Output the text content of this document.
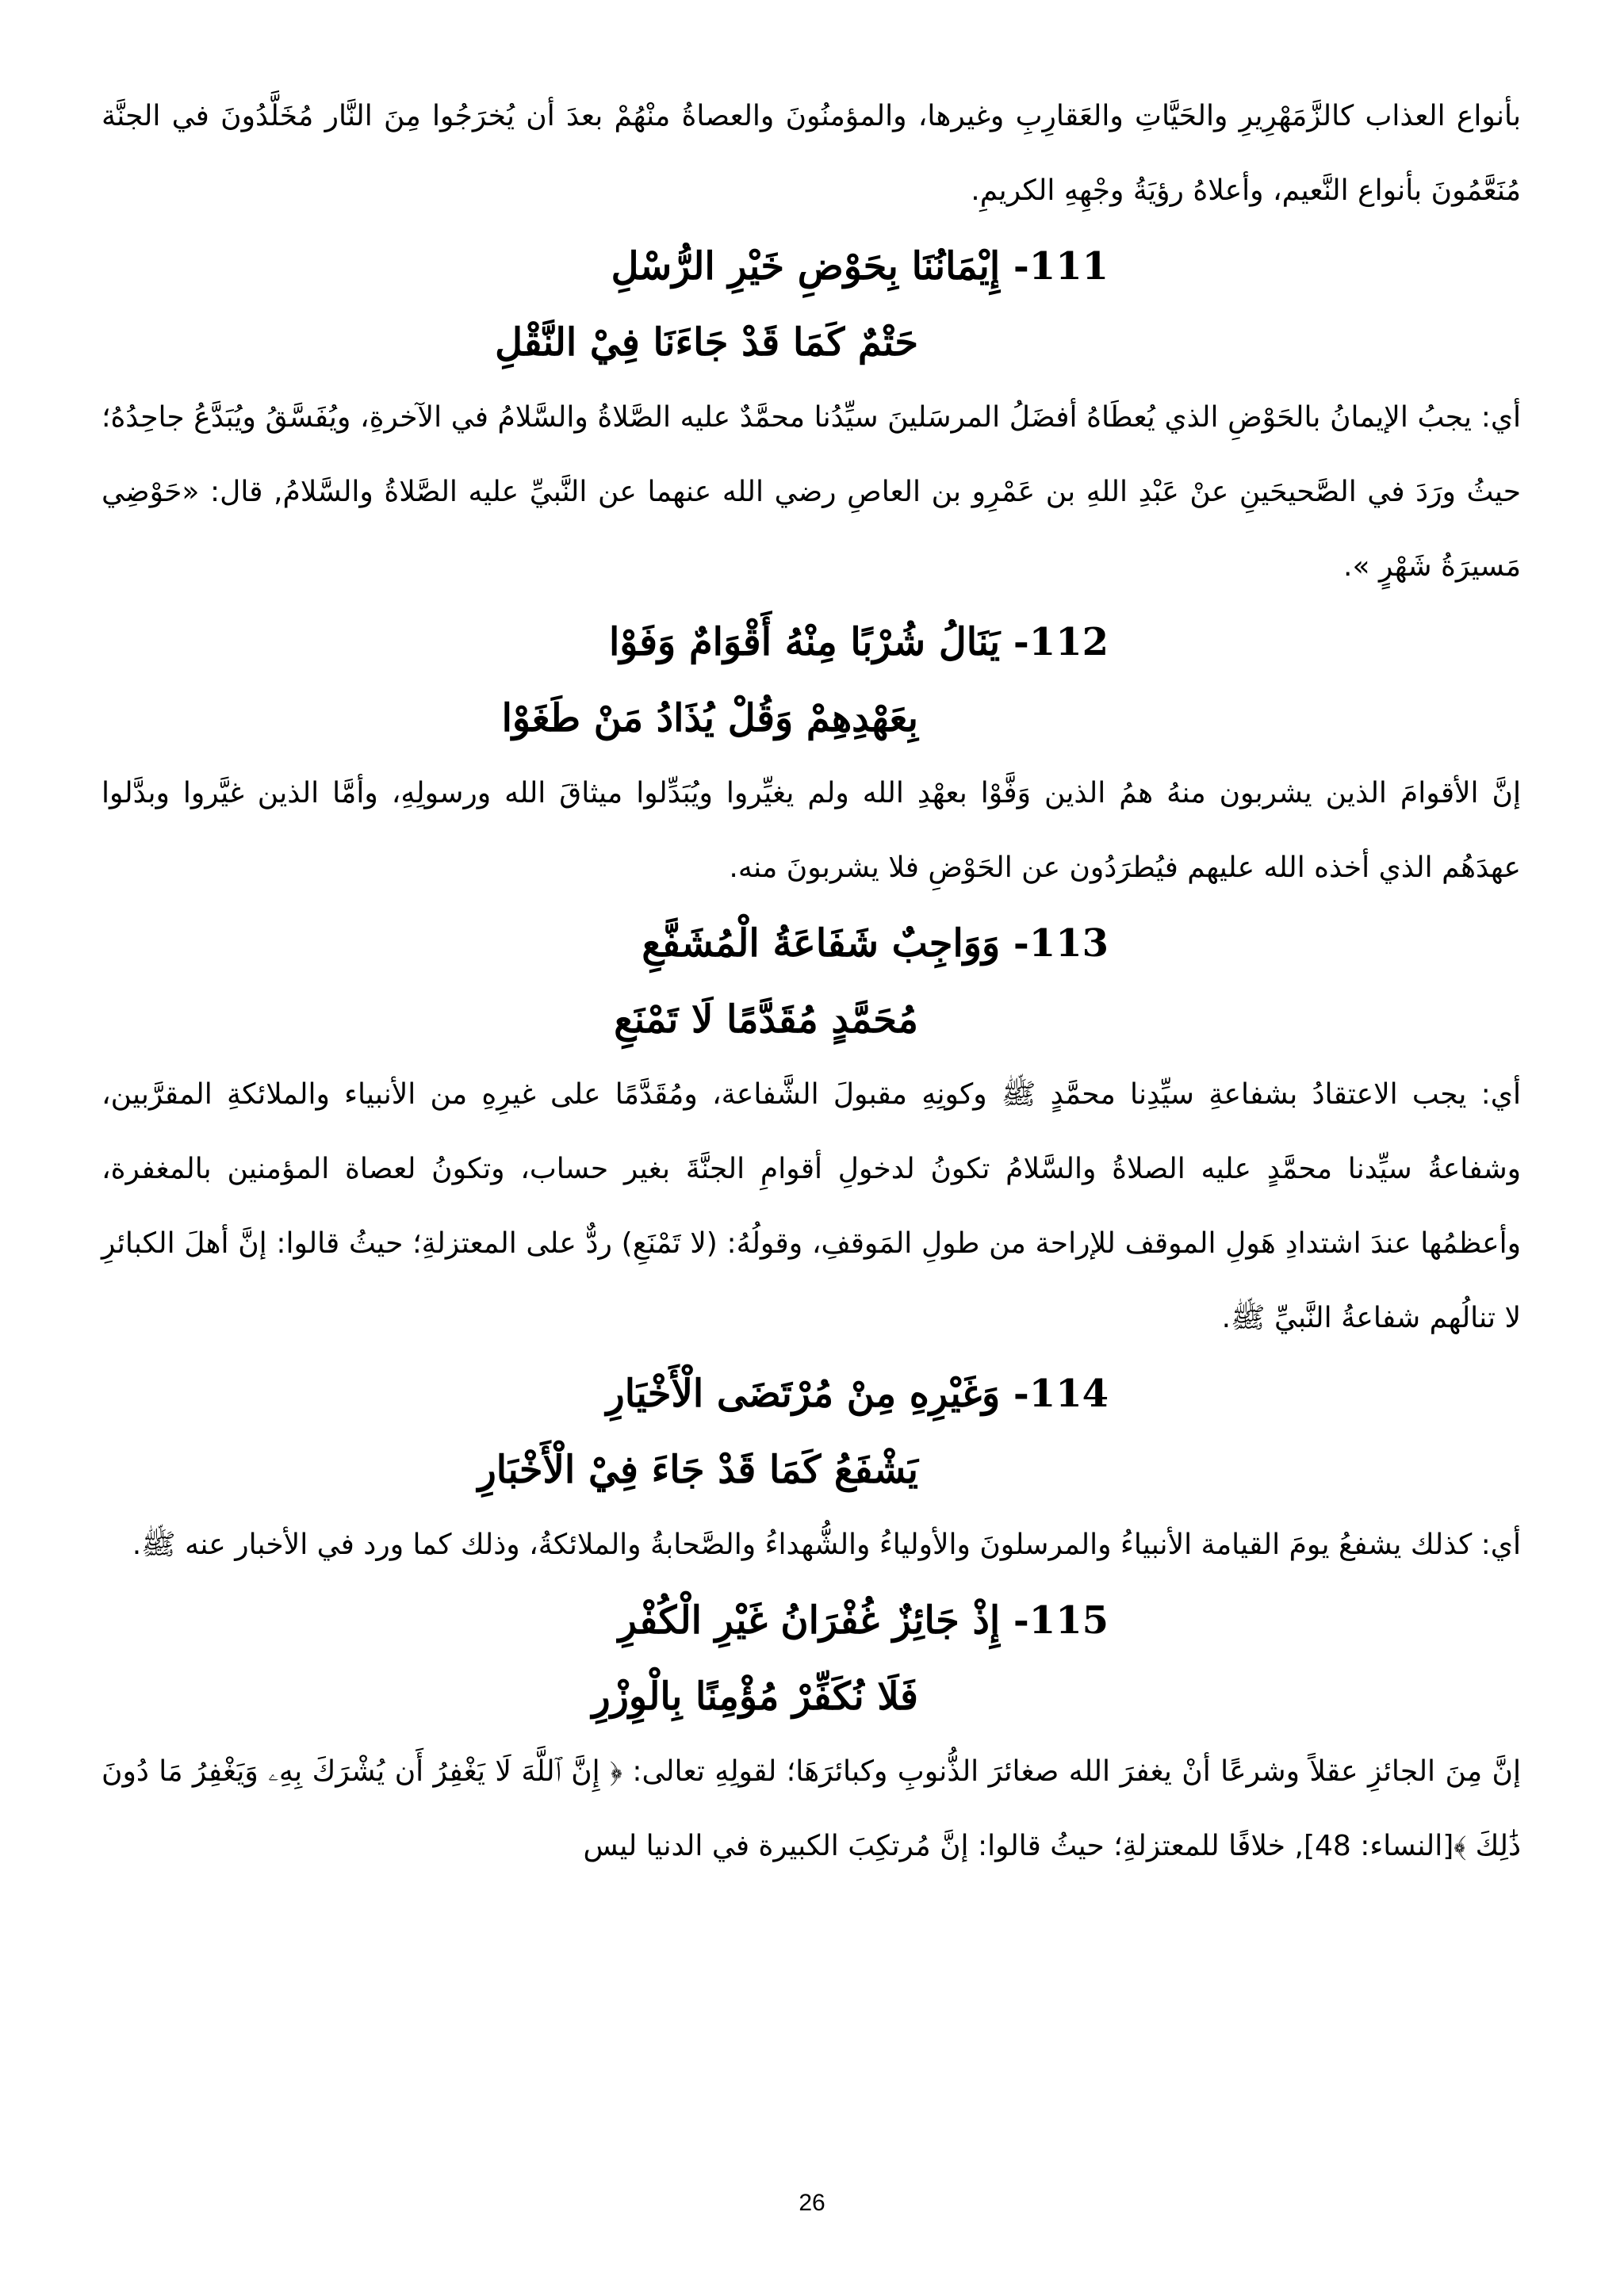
بأنواع العذاب كالزَّمَهْرِيرِ والحَيَّاتِ والعَقارِبِ وغيرها، والمؤمنُونَ والعصاةُ منْهُمْ بعدَ أن يُخرَجُوا مِنَ النَّار مُخَلَّدُونَ في الجنَّة مُنَعَّمُونَ بأنواع النَّعيم، وأعلاهُ رؤيَةُ وجْهِهِ الكريمِ.

111- إِيْمَانُنَا بِحَوْضِ خَيْرِ الرُّسْلِ

حَتْمٌ كَمَا قَدْ جَاءَنَا فِيْ النَّقْلِ

أي: يجبُ الإيمانُ بالحَوْضِ الذي يُعطَاهُ أفضَلُ المرسَلينَ سيِّدُنا محمَّدٌ عليه الصَّلاةُ والسَّلامُ في الآخرةِ، ويُفَسَّقُ ويُبَدَّعُ جاحِدُهُ؛ حيثُ ورَدَ في الصَّحيحَينِ عنْ عَبْدِ اللهِ بن عَمْرِو بن العاصِ رضي الله عنهما عن النَّبيِّ عليه الصَّلاةُ والسَّلامُ, قال: «حَوْضِي مَسيرَةُ شَهْرٍ ».

112- يَنَالُ شُرْبًا مِنْهُ أَقْوَامٌ وَفَوْا

بِعَهْدِهِمْ وَقُلْ يُذَادُ مَنْ طَغَوْا

إنَّ الأقوامَ الذين يشربون منهُ همُ الذين وَفَّوْا بعهْدِ الله ولم يغيِّروا ويُبَدِّلوا ميثاقَ الله ورسولِهِ، وأمَّا الذين غيَّروا وبدَّلوا عهدَهُم الذي أخذه الله عليهم فيُطرَدُون عن الحَوْضِ فلا يشربونَ منه.

113- وَوَاجِبٌ شَفَاعَةُ الْمُشَفَّعِ

مُحَمَّدٍ مُقَدَّمًا لَا تَمْنَعِ

أي: يجب الاعتقادُ بشفاعةِ سيِّدِنا محمَّدٍ ﷺ وكونِهِ مقبولَ الشَّفاعة، ومُقَدَّمًا على غيرِهِ من الأنبياء والملائكةِ المقرَّبين، وشفاعةُ سيِّدنا محمَّدٍ عليه الصلاةُ والسَّلامُ تكونُ لدخولِ أقوامِ الجنَّةَ بغير حساب، وتكونُ لعصاة المؤمنين بالمغفرة، وأعظمُها عندَ اشتدادِ هَولِ الموقف للإراحة من طولِ المَوقفِ، وقولُهُ: (لا تَمْنَعِ) ردٌّ على المعتزلةِ؛ حيثُ قالوا: إنَّ أهلَ الكبائرِ لا تنالُهم شفاعةُ النَّبيِّ ﷺ.

114- وَغَيْرِهِ مِنْ مُرْتَضَى الْأَخْيَارِ

يَشْفَعُ كَمَا قَدْ جَاءَ فِيْ الْأَخْبَارِ

أي: كذلك يشفعُ يومَ القيامة الأنبياءُ والمرسلونَ والأولياءُ والشُّهداءُ والصَّحابةُ والملائكةُ، وذلك كما ورد في الأخبار عنه ﷺ.

115- إِذْ جَائِزٌ غُفْرَانُ غَيْرِ الْكُفْرِ

فَلَا نُكَفِّرْ مُؤْمِنًا بِالْوِزْرِ

إنَّ مِنَ الجائزِ عقلاً وشرعًا أنْ يغفرَ الله صغائرَ الذُّنوبِ وكبائرَهَا؛ لقولِهِ تعالى: ﴿ إِنَّ ٱللَّهَ لَا يَغْفِرُ أَن يُشْرَكَ بِهِۦ وَيَغْفِرُ مَا دُونَ ذَٰلِكَ ﴾[النساء: 48], خلافًا للمعتزلةِ؛ حيثُ قالوا: إنَّ مُرتكِبَ الكبيرة في الدنيا ليس

26
